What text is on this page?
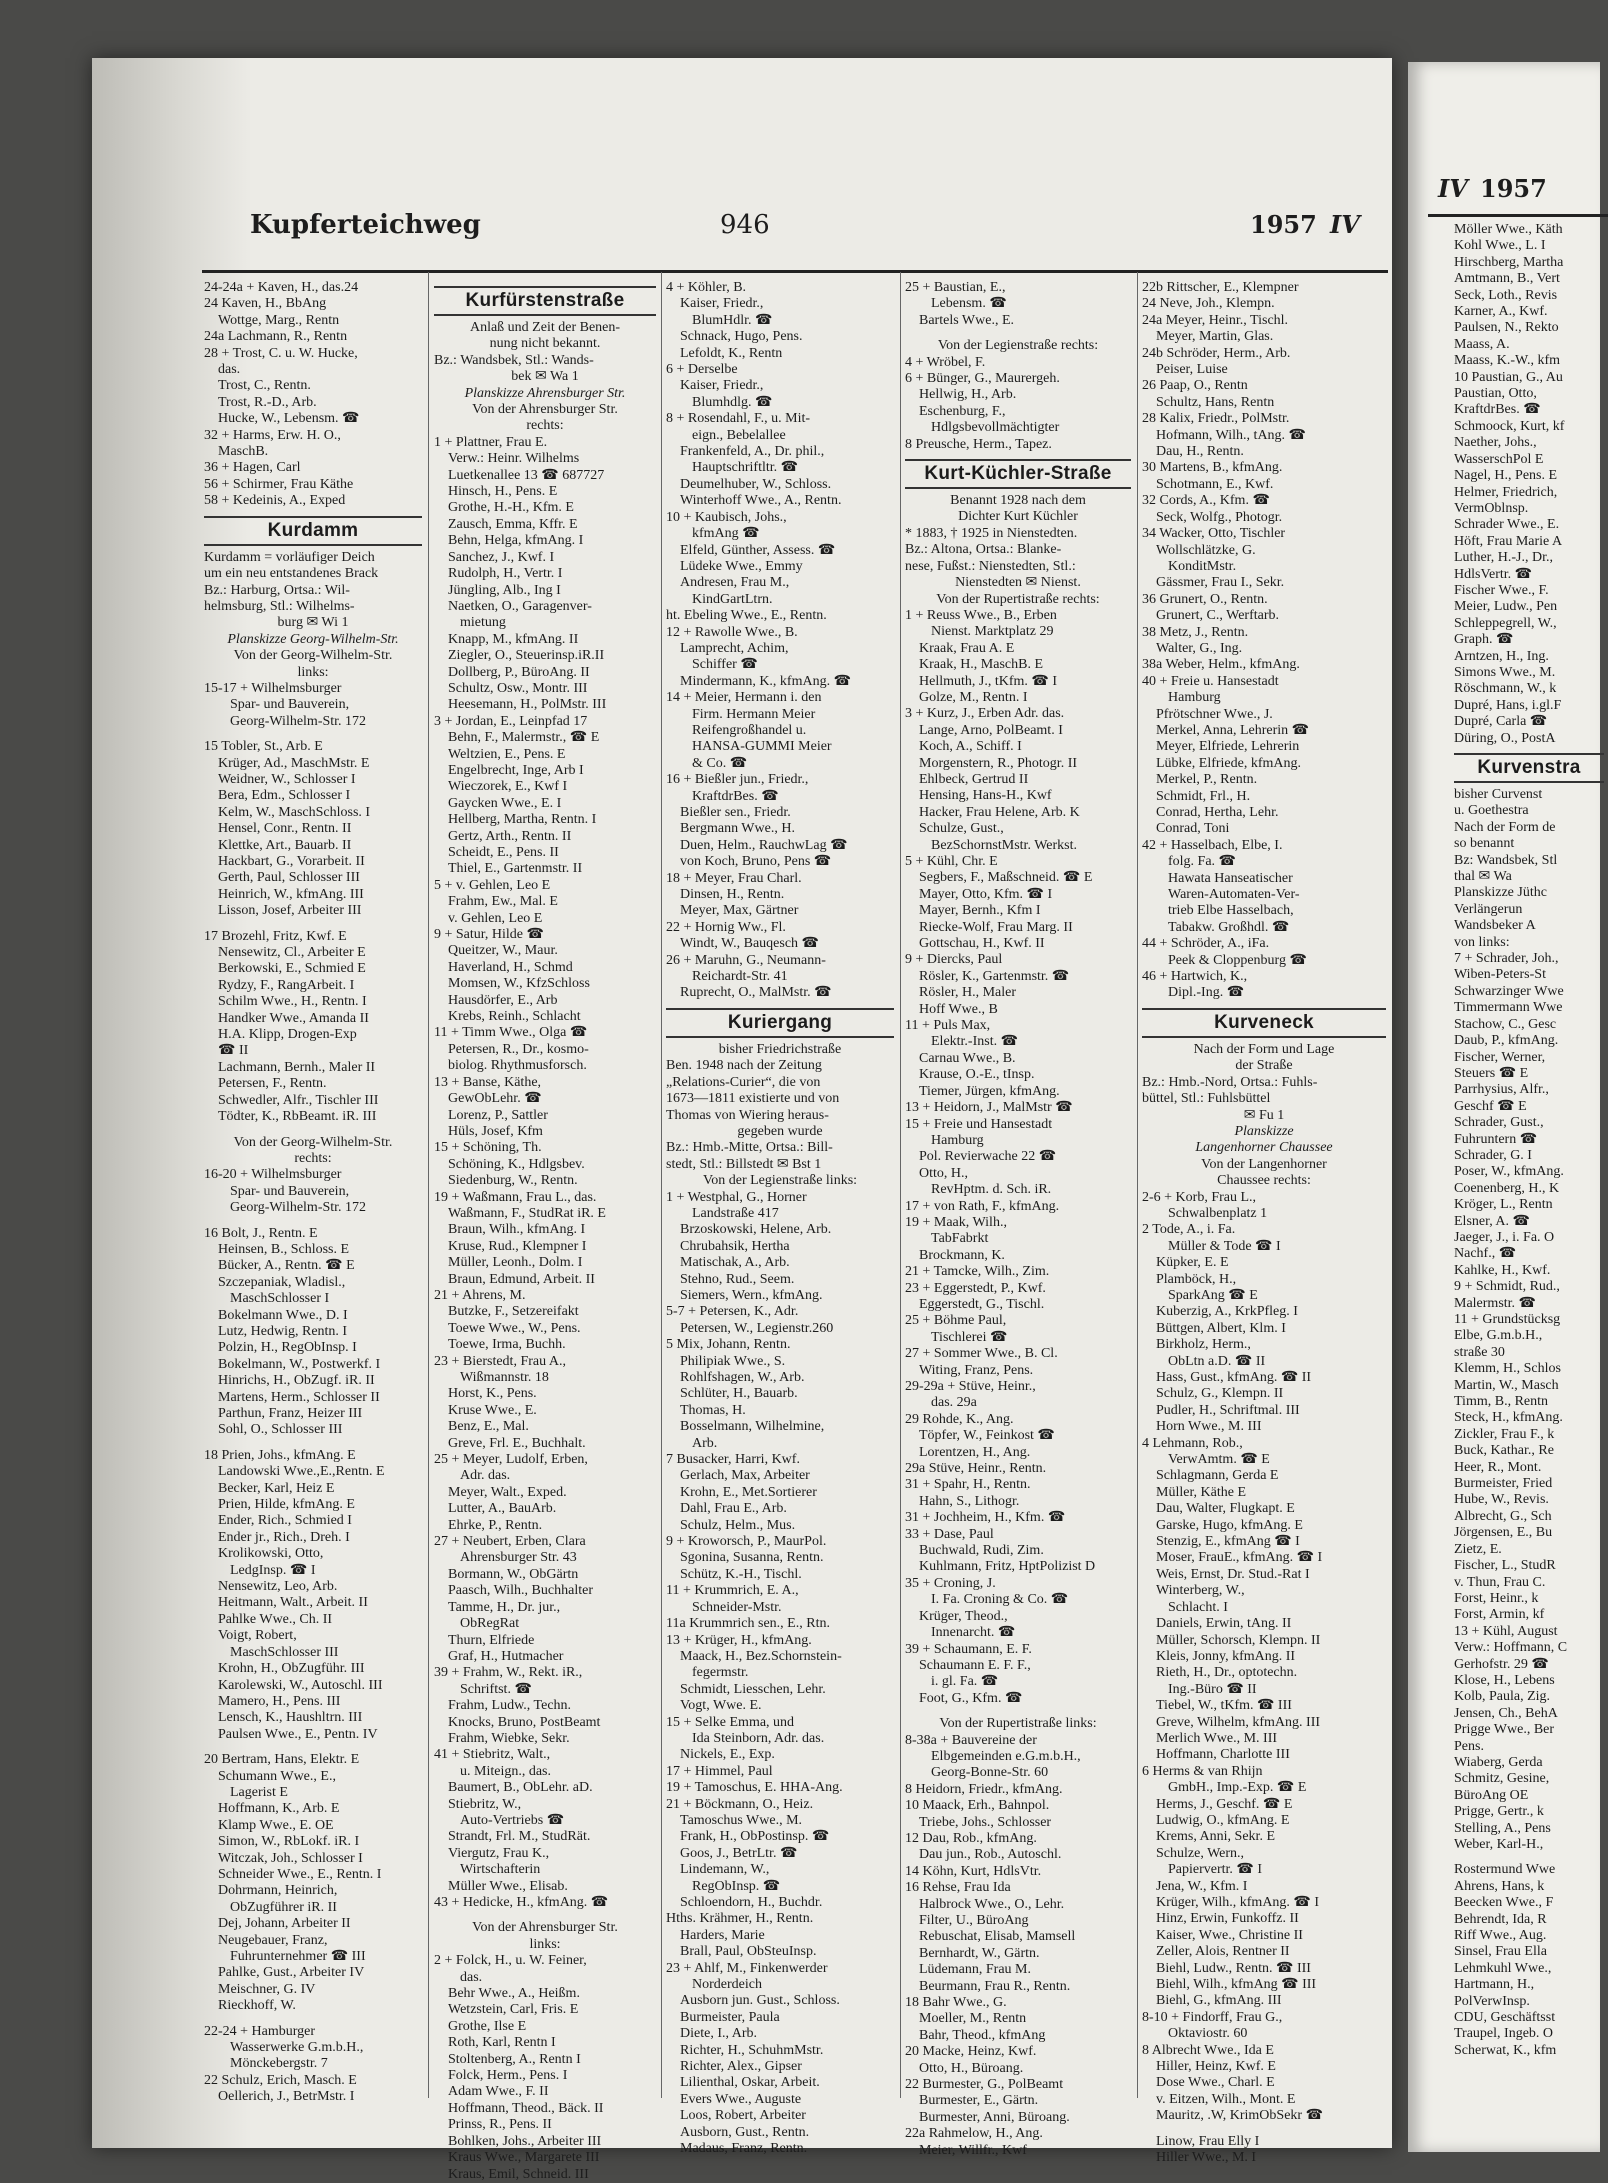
Kupferteichweg	946	1957 IV
24-24a + Kaven, H., das.24
24 Kaven, H., BbAng
Wottge, Marg., Rentn
24a Lachmann, R., Rentn
28 + Trost, C. u. W. Hucke,
das.
Trost, C., Rentn.
Trost, R.-D., Arb.
Hucke, W., Lebensm. ☎
32 + Harms, Erw. H. O.,
MaschB.
36 + Hagen, Carl
56 + Schirmer, Frau Käthe
58 + Kedeinis, A., Exped
Kurdamm
Kurdamm = vorläufiger Deich
um ein neu entstandenes Brack
Bz.: Harburg, Ortsa.: Wil-
helmsburg, Stl.: Wilhelms-
burg ✉ Wi 1
Planskizze Georg-Wilhelm-Str.
Von der Georg-Wilhelm-Str.
links:
15-17 + Wilhelmsburger
Spar- und Bauverein,
Georg-Wilhelm-Str. 172
15 Tobler, St., Arb. E
Krüger, Ad., MaschMstr. E
Weidner, W., Schlosser I
Bera, Edm., Schlosser I
Kelm, W., MaschSchloss. I
Hensel, Conr., Rentn. II
Klettke, Art., Bauarb. II
Hackbart, G., Vorarbeit. II
Gerth, Paul, Schlosser III
Heinrich, W., kfmAng. III
Lisson, Josef, Arbeiter III
17 Brozehl, Fritz, Kwf. E
Nensewitz, Cl., Arbeiter E
Berkowski, E., Schmied E
Rydzy, F., RangArbeit. I
Schilm Wwe., H., Rentn. I
Handker Wwe., Amanda II
H.A. Klipp, Drogen-Exp
☎ II
Lachmann, Bernh., Maler II
Petersen, F., Rentn.
Schwedler, Alfr., Tischler III
Tödter, K., RbBeamt. iR. III
Von der Georg-Wilhelm-Str.
rechts:
16-20 + Wilhelmsburger
Spar- und Bauverein,
Georg-Wilhelm-Str. 172
16 Bolt, J., Rentn. E
Heinsen, B., Schloss. E
Bücker, A., Rentn. ☎ E
Szczepaniak, Wladisl.,
MaschSchlosser I
Bokelmann Wwe., D. I
Lutz, Hedwig, Rentn. I
Polzin, H., RegObInsp. I
Bokelmann, W., Postwerkf. I
Hinrichs, H., ObZugf. iR. II
Martens, Herm., Schlosser II
Parthun, Franz, Heizer III
Sohl, O., Schlosser III
18 Prien, Johs., kfmAng. E
Landowski Wwe.,E.,Rentn. E
Becker, Karl, Heiz E
Prien, Hilde, kfmAng. E
Ender, Rich., Schmied I
Ender jr., Rich., Dreh. I
Krolikowski, Otto,
LedgInsp. ☎ I
Nensewitz, Leo, Arb.
Heitmann, Walt., Arbeit. II
Pahlke Wwe., Ch. II
Voigt, Robert,
MaschSchlosser III
Krohn, H., ObZugführ. III
Karolewski, W., Autoschl. III
Mamero, H., Pens. III
Lensch, K., Haushltrn. III
Paulsen Wwe., E., Pentn. IV
20 Bertram, Hans, Elektr. E
Schumann Wwe., E.,
Lagerist E
Hoffmann, K., Arb. E
Klamp Wwe., E. OE
Simon, W., RbLokf. iR. I
Witczak, Joh., Schlosser I
Schneider Wwe., E., Rentn. I
Dohrmann, Heinrich,
ObZugführer iR. II
Dej, Johann, Arbeiter II
Neugebauer, Franz,
Fuhrunternehmer ☎ III
Pahlke, Gust., Arbeiter IV
Meischner, G. IV
Rieckhoff, W.
22-24 + Hamburger
Wasserwerke G.m.b.H.,
Mönckebergstr. 7
22 Schulz, Erich, Masch. E
Oellerich, J., BetrMstr. I
Kurfürstenstraße
Anlaß und Zeit der Benen-
nung nicht bekannt.
Bz.: Wandsbek, Stl.: Wands-
bek ✉ Wa 1
Planskizze Ahrensburger Str.
Von der Ahrensburger Str.
rechts:
1 + Plattner, Frau E.
Verw.: Heinr. Wilhelms
Luetkenallee 13 ☎ 687727
Hinsch, H., Pens. E
Grothe, H.-H., Kfm. E
Zausch, Emma, Kffr. E
Behn, Helga, kfmAng. I
Sanchez, J., Kwf. I
Rudolph, H., Vertr. I
Jüngling, Alb., Ing I
Naetken, O., Garagenver-
mietung
Knapp, M., kfmAng. II
Ziegler, O., Steuerinsp.iR.II
Dollberg, P., BüroAng. II
Schultz, Osw., Montr. III
Heesemann, H., PolMstr. III
3 + Jordan, E., Leinpfad 17
Behn, F., Malermstr., ☎ E
Weltzien, E., Pens. E
Engelbrecht, Inge, Arb I
Wieczorek, E., Kwf I
Gaycken Wwe., E. I
Hellberg, Martha, Rentn. I
Gertz, Arth., Rentn. II
Scheidt, E., Pens. II
Thiel, E., Gartenmstr. II
5 + v. Gehlen, Leo E
Frahm, Ew., Mal. E
v. Gehlen, Leo E
9 + Satur, Hilde ☎
Queitzer, W., Maur.
Haverland, H., Schmd
Momsen, W., KfzSchloss
Hausdörfer, E., Arb
Krebs, Reinh., Schlacht
11 + Timm Wwe., Olga ☎
Petersen, R., Dr., kosmo-
biolog. Rhythmusforsch.
13 + Banse, Käthe,
GewObLehr. ☎
Lorenz, P., Sattler
Hüls, Josef, Kfm
15 + Schöning, Th.
Schöning, K., Hdlgsbev.
Siedenburg, W., Rentn.
19 + Waßmann, Frau L., das.
Waßmann, F., StudRat iR. E
Braun, Wilh., kfmAng. I
Kruse, Rud., Klempner I
Müller, Leonh., Dolm. I
Braun, Edmund, Arbeit. II
21 + Ahrens, M.
Butzke, F., Setzereifakt
Toewe Wwe., W., Pens.
Toewe, Irma, Buchh.
23 + Bierstedt, Frau A.,
Wißmannstr. 18
Horst, K., Pens.
Kruse Wwe., E.
Benz, E., Mal.
Greve, Frl. E., Buchhalt.
25 + Meyer, Ludolf, Erben,
Adr. das.
Meyer, Walt., Exped.
Lutter, A., BauArb.
Ehrke, P., Rentn.
27 + Neubert, Erben, Clara
Ahrensburger Str. 43
Bormann, W., ObGärtn
Paasch, Wilh., Buchhalter
Tamme, H., Dr. jur.,
ObRegRat
Thurn, Elfriede
Graf, H., Hutmacher
39 + Frahm, W., Rekt. iR.,
Schriftst. ☎
Frahm, Ludw., Techn.
Knocks, Bruno, PostBeamt
Frahm, Wiebke, Sekr.
41 + Stiebritz, Walt.,
u. Miteign., das.
Baumert, B., ObLehr. aD.
Stiebritz, W.,
Auto-Vertriebs ☎
Strandt, Frl. M., StudRät.
Viergutz, Frau K.,
Wirtschafterin
Müller Wwe., Elisab.
43 + Hedicke, H., kfmAng. ☎
Von der Ahrensburger Str.
links:
2 + Folck, H., u. W. Feiner,
das.
Behr Wwe., A., Heißm.
Wetzstein, Carl, Fris. E
Grothe, Ilse E
Roth, Karl, Rentn I
Stoltenberg, A., Rentn I
Folck, Herm., Pens. I
Adam Wwe., F. II
Hoffmann, Theod., Bäck. II
Prinss, R., Pens. II
Bohlken, Johs., Arbeiter III
Kraus Wwe., Margarete III
Kraus, Emil, Schneid. III
4 + Köhler, B.
Kaiser, Friedr.,
BlumHdlr. ☎
Schnack, Hugo, Pens.
Lefoldt, K., Rentn
6 + Derselbe
Kaiser, Friedr.,
Blumhdlg. ☎
8 + Rosendahl, F., u. Mit-
eign., Bebelallee
Frankenfeld, A., Dr. phil.,
Hauptschriftltr. ☎
Deumelhuber, W., Schloss.
Winterhoff Wwe., A., Rentn.
10 + Kaubisch, Johs.,
kfmAng ☎
Elfeld, Günther, Assess. ☎
Lüdeke Wwe., Emmy
Andresen, Frau M.,
KindGartLtrn.
ht. Ebeling Wwe., E., Rentn.
12 + Rawolle Wwe., B.
Lamprecht, Achim,
Schiffer ☎
Mindermann, K., kfmAng. ☎
14 + Meier, Hermann i. den
Firm. Hermann Meier
Reifengroßhandel u.
HANSA-GUMMI Meier
& Co. ☎
16 + Bießler jun., Friedr.,
KraftdrBes. ☎
Bießler sen., Friedr.
Bergmann Wwe., H.
Duen, Helm., RauchwLag ☎
von Koch, Bruno, Pens ☎
18 + Meyer, Frau Charl.
Dinsen, H., Rentn.
Meyer, Max, Gärtner
22 + Hornig Ww., Fl.
Windt, W., Bauqesch ☎
26 + Maruhn, G., Neumann-
Reichardt-Str. 41
Ruprecht, O., MalMstr. ☎
Kuriergang
bisher Friedrichstraße
Ben. 1948 nach der Zeitung
„Relations-Curier“, die von
1673—1811 existierte und von
Thomas von Wiering heraus-
gegeben wurde
Bz.: Hmb.-Mitte, Ortsa.: Bill-
stedt, Stl.: Billstedt ✉ Bst 1
Von der Legienstraße links:
1 + Westphal, G., Horner
Landstraße 417
Brzoskowski, Helene, Arb.
Chrubahsik, Hertha
Matischak, A., Arb.
Stehno, Rud., Seem.
Siemers, Wern., kfmAng.
5-7 + Petersen, K., Adr.
Petersen, W., Legienstr.260
5 Mix, Johann, Rentn.
Philipiak Wwe., S.
Rohlfshagen, W., Arb.
Schlüter, H., Bauarb.
Thomas, H.
Bosselmann, Wilhelmine,
Arb.
7 Busacker, Harri, Kwf.
Gerlach, Max, Arbeiter
Krohn, E., Met.Sortierer
Dahl, Frau E., Arb.
Schulz, Helm., Mus.
9 + Kroworsch, P., MaurPol.
Sgonina, Susanna, Rentn.
Schütz, K.-H., Tischl.
11 + Krummrich, E. A.,
Schneider-Mstr.
11a Krummrich sen., E., Rtn.
13 + Krüger, H., kfmAng.
Maack, H., Bez.Schornstein-
fegermstr.
Schmidt, Liesschen, Lehr.
Vogt, Wwe. E.
15 + Selke Emma, und
Ida Steinborn, Adr. das.
Nickels, E., Exp.
17 + Himmel, Paul
19 + Tamoschus, E. HHA-Ang.
21 + Böckmann, O., Heiz.
Tamoschus Wwe., M.
Frank, H., ObPostinsp. ☎
Goos, J., BetrLtr. ☎
Lindemann, W.,
RegObInsp. ☎
Schloendorn, H., Buchdr.
Hths. Krähmer, H., Rentn.
Harders, Marie
Brall, Paul, ObSteuInsp.
23 + Ahlf, M., Finkenwerder
Norderdeich
Ausborn jun. Gust., Schloss.
Burmeister, Paula
Diete, I., Arb.
Richter, H., SchuhmMstr.
Richter, Alex., Gipser
Lilienthal, Oskar, Arbeit.
Evers Wwe., Auguste
Loos, Robert, Arbeiter
Ausborn, Gust., Rentn.
Madaus, Franz, Rentn.
25 + Baustian, E.,
Lebensm. ☎
Bartels Wwe., E.
Von der Legienstraße rechts:
4 + Wröbel, F.
6 + Bünger, G., Maurergeh.
Hellwig, H., Arb.
Eschenburg, F.,
Hdlgsbevollmächtigter
8 Preusche, Herm., Tapez.
Kurt-Küchler-Straße
Benannt 1928 nach dem
Dichter Kurt Küchler
* 1883, † 1925 in Nienstedten.
Bz.: Altona, Ortsa.: Blanke-
nese, Fußst.: Nienstedten, Stl.:
Nienstedten ✉ Nienst.
Von der Rupertistraße rechts:
1 + Reuss Wwe., B., Erben
Nienst. Marktplatz 29
Kraak, Frau A. E
Kraak, H., MaschB. E
Hellmuth, J., tKfm. ☎ I
Golze, M., Rentn. I
3 + Kurz, J., Erben Adr. das.
Lange, Arno, PolBeamt. I
Koch, A., Schiff. I
Morgenstern, R., Photogr. II
Ehlbeck, Gertrud II
Hensing, Hans-H., Kwf
Hacker, Frau Helene, Arb. K
Schulze, Gust.,
BezSchornstMstr. Werkst.
5 + Kühl, Chr. E
Segbers, F., Maßschneid. ☎ E
Mayer, Otto, Kfm. ☎ I
Mayer, Bernh., Kfm I
Riecke-Wolf, Frau Marg. II
Gottschau, H., Kwf. II
9 + Diercks, Paul
Rösler, K., Gartenmstr. ☎
Rösler, H., Maler
Hoff Wwe., B
11 + Puls Max,
Elektr.-Inst. ☎
Carnau Wwe., B.
Krause, O.-E., tInsp.
Tiemer, Jürgen, kfmAng.
13 + Heidorn, J., MalMstr ☎
15 + Freie und Hansestadt
Hamburg
Pol. Revierwache 22 ☎
Otto, H.,
RevHptm. d. Sch. iR.
17 + von Rath, F., kfmAng.
19 + Maak, Wilh.,
TabFabrkt
Brockmann, K.
21 + Tamcke, Wilh., Zim.
23 + Eggerstedt, P., Kwf.
Eggerstedt, G., Tischl.
25 + Böhme Paul,
Tischlerei ☎
27 + Sommer Wwe., B. Cl.
Witing, Franz, Pens.
29-29a + Stüve, Heinr.,
das. 29a
29 Rohde, K., Ang.
Töpfer, W., Feinkost ☎
Lorentzen, H., Ang.
29a Stüve, Heinr., Rentn.
31 + Spahr, H., Rentn.
Hahn, S., Lithogr.
31 + Jochheim, H., Kfm. ☎
33 + Dase, Paul
Buchwald, Rudi, Zim.
Kuhlmann, Fritz, HptPolizist D
35 + Croning, J.
I. Fa. Croning & Co. ☎
Krüger, Theod.,
Innenarcht. ☎
39 + Schaumann, E. F.
Schaumann E. F. F.,
i. gl. Fa. ☎
Foot, G., Kfm. ☎
Von der Rupertistraße links:
8-38a + Bauvereine der
Elbgemeinden e.G.m.b.H.,
Georg-Bonne-Str. 60
8 Heidorn, Friedr., kfmAng.
10 Maack, Erh., Bahnpol.
Triebe, Johs., Schlosser
12 Dau, Rob., kfmAng.
Dau jun., Rob., Autoschl.
14 Köhn, Kurt, HdlsVtr.
16 Rehse, Frau Ida
Halbrock Wwe., O., Lehr.
Filter, U., BüroAng
Rebuschat, Elisab, Mamsell
Bernhardt, W., Gärtn.
Lüdemann, Frau M.
Beurmann, Frau R., Rentn.
18 Bahr Wwe., G.
Moeller, M., Rentn
Bahr, Theod., kfmAng
20 Macke, Heinz, Kwf.
Otto, H., Büroang.
22 Burmester, G., PolBeamt
Burmester, E., Gärtn.
Burmester, Anni, Büroang.
22a Rahmelow, H., Ang.
Meier, Willfr., Kwf
22b Rittscher, E., Klempner
24 Neve, Joh., Klempn.
24a Meyer, Heinr., Tischl.
Meyer, Martin, Glas.
24b Schröder, Herm., Arb.
Peiser, Luise
26 Paap, O., Rentn
Schultz, Hans, Rentn
28 Kalix, Friedr., PolMstr.
Hofmann, Wilh., tAng. ☎
Dau, H., Rentn.
30 Martens, B., kfmAng.
Schotmann, E., Kwf.
32 Cords, A., Kfm. ☎
Seck, Wolfg., Photogr.
34 Wacker, Otto, Tischler
Wollschlätzke, G.
KonditMstr.
Gässmer, Frau I., Sekr.
36 Grunert, O., Rentn.
Grunert, C., Werftarb.
38 Metz, J., Rentn.
Walter, G., Ing.
38a Weber, Helm., kfmAng.
40 + Freie u. Hansestadt
Hamburg
Pfrötschner Wwe., J.
Merkel, Anna, Lehrerin ☎
Meyer, Elfriede, Lehrerin
Lübke, Elfriede, kfmAng.
Merkel, P., Rentn.
Schmidt, Frl., H.
Conrad, Hertha, Lehr.
Conrad, Toni
42 + Hasselbach, Elbe, I.
folg. Fa. ☎
Hawata Hanseatischer
Waren-Automaten-Ver-
trieb Elbe Hasselbach,
Tabakw. Großhdl. ☎
44 + Schröder, A., iFa.
Peek & Cloppenburg ☎
46 + Hartwich, K.,
Dipl.-Ing. ☎
Kurveneck
Nach der Form und Lage
der Straße
Bz.: Hmb.-Nord, Ortsa.: Fuhls-
büttel, Stl.: Fuhlsbüttel
✉ Fu 1
Planskizze
Langenhorner Chaussee
Von der Langenhorner
Chaussee rechts:
2-6 + Korb, Frau L.,
Schwalbenplatz 1
2 Tode, A., i. Fa.
Müller & Tode ☎ I
Küpker, E. E
Plamböck, H.,
SparkAng ☎ E
Kuberzig, A., KrkPfleg. I
Büttgen, Albert, Klm. I
Birkholz, Herm.,
ObLtn a.D. ☎ II
Hass, Gust., kfmAng. ☎ II
Schulz, G., Klempn. II
Pudler, H., Schriftmal. III
Horn Wwe., M. III
4 Lehmann, Rob.,
VerwAmtm. ☎ E
Schlagmann, Gerda E
Müller, Käthe E
Dau, Walter, Flugkapt. E
Garske, Hugo, kfmAng. E
Stenzig, E., kfmAng ☎ I
Moser, FrauE., kfmAng. ☎ I
Weis, Ernst, Dr. Stud.-Rat I
Winterberg, W.,
Schlacht. I
Daniels, Erwin, tAng. II
Müller, Schorsch, Klempn. II
Kleis, Jonny, kfmAng. II
Rieth, H., Dr., optotechn.
Ing.-Büro ☎ II
Tiebel, W., tKfm. ☎ III
Greve, Wilhelm, kfmAng. III
Merlich Wwe., M. III
Hoffmann, Charlotte III
6 Herms & van Rhijn
GmbH., Imp.-Exp. ☎ E
Herms, J., Geschf. ☎ E
Ludwig, O., kfmAng. E
Krems, Anni, Sekr. E
Schulze, Wern.,
Papiervertr. ☎ I
Jena, W., Kfm. I
Krüger, Wilh., kfmAng. ☎ I
Hinz, Erwin, Funkoffz. II
Kaiser, Wwe., Christine II
Zeller, Alois, Rentner II
Biehl, Ludw., Rentn. ☎ III
Biehl, Wilh., kfmAng ☎ III
Biehl, G., kfmAng. III
8-10 + Findorff, Frau G.,
Oktaviostr. 60
8 Albrecht Wwe., Ida E
Hiller, Heinz, Kwf. E
Dose Wwe., Charl. E
v. Eitzen, Wilh., Mont. E
Mauritz, .W, KrimObSekr ☎
Linow, Frau Elly I
Hiller Wwe., M. I
IV 1957
Möller Wwe., Käth
Kohl Wwe., L. I
Hirschberg, Martha
Amtmann, B., Vert
Seck, Loth., Revis
Karner, A., Kwf.
Paulsen, N., Rekto
Maass, A.
Maass, K.-W., kfm
10 Paustian, G., Au
Paustian, Otto,
KraftdrBes. ☎
Schmoock, Kurt, kf
Naether, Johs.,
WasserschPol E
Nagel, H., Pens. E
Helmer, Friedrich,
VermOblnsp.
Schrader Wwe., E.
Höft, Frau Marie A
Luther, H.-J., Dr.,
HdlsVertr. ☎
Fischer Wwe., F.
Meier, Ludw., Pen
Schleppegrell, W.,
Graph. ☎
Arntzen, H., Ing.
Simons Wwe., M.
Röschmann, W., k
Dupré, Hans, i.gl.F
Dupré, Carla ☎
Düring, O., PostA
Kurvenstra
bisher Curvenst
u. Goethestra
Nach der Form de
so benannt
Bz: Wandsbek, Stl
thal ✉ Wa
Planskizze Jüthc
Verlängerun
Wandsbeker A
von links:
7 + Schrader, Joh.,
Wiben-Peters-St
Schwarzinger Wwe
Timmermann Wwe
Stachow, C., Gesc
Daub, P., kfmAng.
Fischer, Werner,
Steuers ☎ E
Parrhysius, Alfr.,
Geschf ☎ E
Schrader, Gust.,
Fuhruntern ☎
Schrader, G. I
Poser, W., kfmAng.
Coenenberg, H., K
Kröger, L., Rentn
Elsner, A. ☎
Jaeger, J., i. Fa. O
Nachf., ☎
Kahlke, H., Kwf.
9 + Schmidt, Rud.,
Malermstr. ☎
11 + Grundstücksg
Elbe, G.m.b.H.,
straße 30
Klemm, H., Schlos
Martin, W., Masch
Timm, B., Rentn
Steck, H., kfmAng.
Zickler, Frau F., k
Buck, Kathar., Re
Heer, R., Mont.
Burmeister, Fried
Hube, W., Revis.
Albrecht, G., Sch
Jörgensen, E., Bu
Zietz, E.
Fischer, L., StudR
v. Thun, Frau C.
Forst, Heinr., k
Forst, Armin, kf
13 + Kühl, August
Verw.: Hoffmann, C
Gerhofstr. 29 ☎
Klose, H., Lebens
Kolb, Paula, Zig.
Jensen, Ch., BehA
Prigge Wwe., Ber
Pens.
Wiaberg, Gerda
Schmitz, Gesine,
BüroAng OE
Prigge, Gertr., k
Stelling, A., Pens
Weber, Karl-H.,
Rostermund Wwe
Ahrens, Hans, k
Beecken Wwe., F
Behrendt, Ida, R
Riff Wwe., Aug.
Sinsel, Frau Ella
Lehmkuhl Wwe.,
Hartmann, H.,
PolVerwInsp.
CDU, Geschäftsst
Traupel, Ingeb. O
Scherwat, K., kfm
